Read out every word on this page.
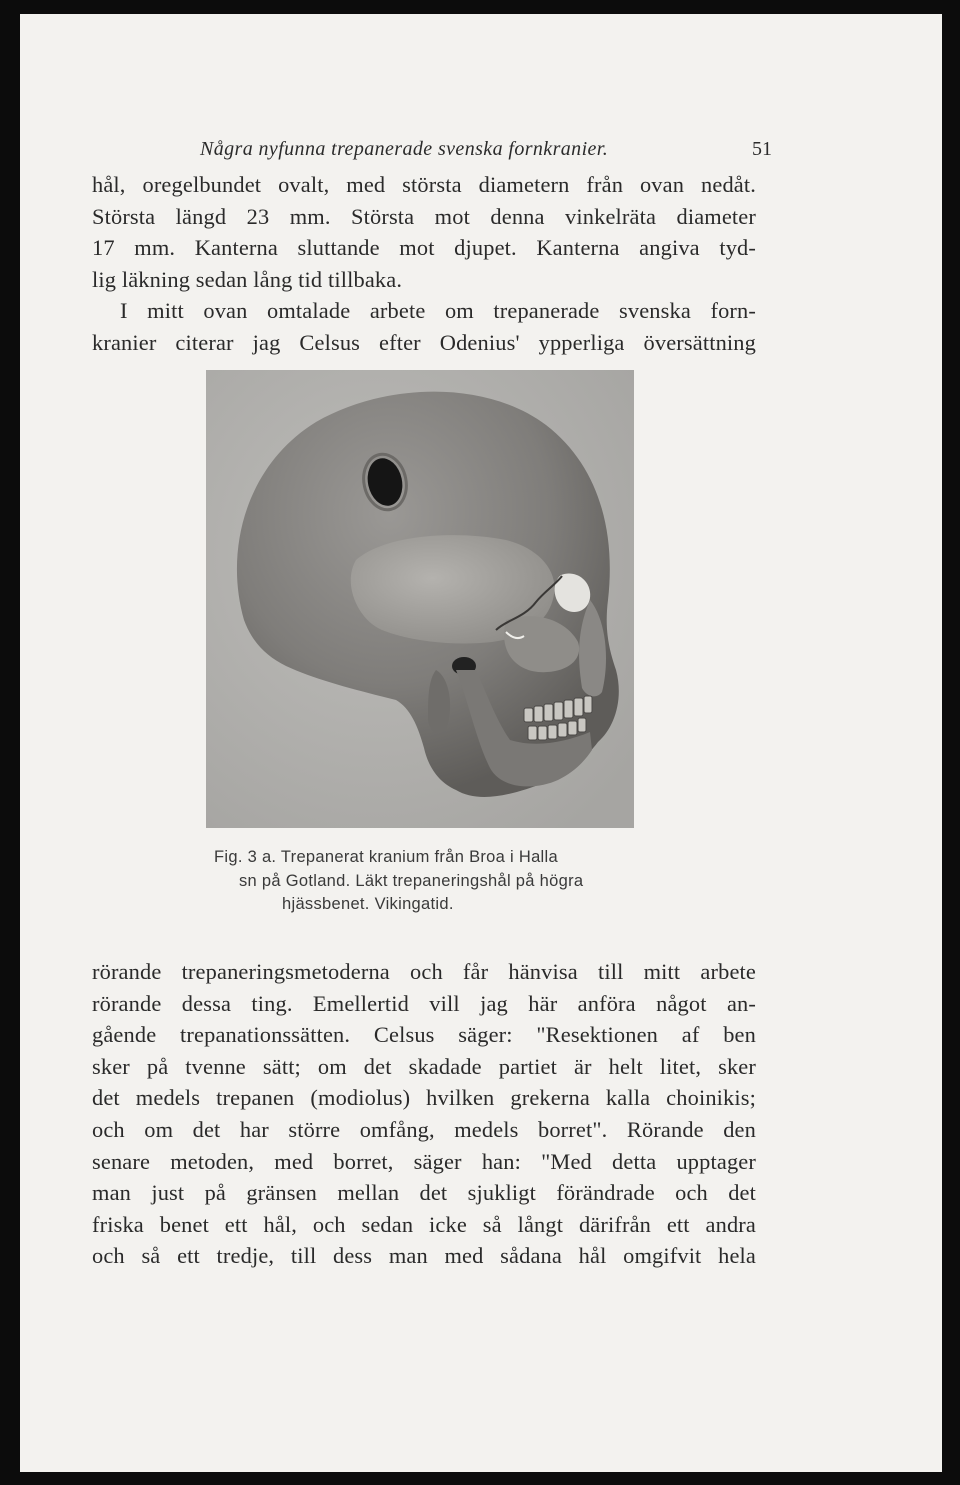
Några nyfunna trepanerade svenska fornkranier.	51
hål, oregelbundet ovalt, med största diametern från ovan nedåt.
Största längd 23 mm. Största mot denna vinkelräta diameter
17 mm. Kanterna sluttande mot djupet. Kanterna angiva tyd-
lig läkning sedan lång tid tillbaka.
I mitt ovan omtalade arbete om trepanerade svenska forn-
kranier citerar jag Celsus efter Odenius' ypperliga översättning
Fig. 3 a. Trepanerat kranium från Broa i Halla
sn på Gotland. Läkt trepaneringshål på högra
hjässbenet. Vikingatid.
rörande trepaneringsmetoderna och får hänvisa till mitt arbete
rörande dessa ting. Emellertid vill jag här anföra något an-
gående trepanationssätten. Celsus säger: "Resektionen af ben
sker på tvenne sätt; om det skadade partiet är helt litet, sker
det medels trepanen (modiolus) hvilken grekerna kalla choinikis;
och om det har större omfång, medels borret". Rörande den
senare metoden, med borret, säger han: "Med detta upptager
man just på gränsen mellan det sjukligt förändrade och det
friska benet ett hål, och sedan icke så långt därifrån ett andra
och så ett tredje, till dess man med sådana hål omgifvit hela
